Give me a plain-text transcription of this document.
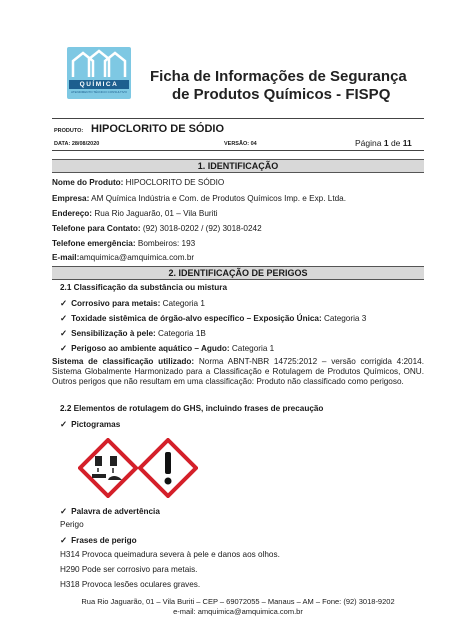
QUÍMICA
ATENDIMENTO TÉCNICO CONSULTIVO
Ficha de Informações de Segurança
de Produtos Químicos - FISPQ
PRODUTO: HIPOCLORITO DE SÓDIO
DATA: 28/08/2020	VERSÃO: 04	Página 1 de 11
1. IDENTIFICAÇÃO
Nome do Produto: HIPOCLORITO DE SÓDIO
Empresa: AM Química Indústria e Com. de Produtos Químicos Imp. e Exp. Ltda.
Endereço: Rua Rio Jaguarão, 01 – Vila Buriti
Telefone para Contato: (92) 3018-0202 / (92) 3018-0242
Telefone emergência: Bombeiros: 193
E-mail:amquimica@amquimica.com.br
2. IDENTIFICAÇÃO DE PERIGOS
2.1 Classificação da substância ou mistura
✓ Corrosivo para metais: Categoria 1
✓ Toxidade sistêmica de órgão-alvo específico – Exposição Única: Categoria 3
✓ Sensibilização à pele: Categoria 1B
✓ Perigoso ao ambiente aquático – Agudo: Categoria 1
Sistema de classificação utilizado: Norma ABNT-NBR 14725:2012 – versão corrigida 4:2014. Sistema Globalmente Harmonizado para a Classificação e Rotulagem de Produtos Químicos, ONU. Outros perigos que não resultam em uma classificação: Produto não classificado como perigoso.
2.2 Elementos de rotulagem do GHS, incluindo frases de precaução
✓ Pictogramas
✓ Palavra de advertência
Perigo
✓ Frases de perigo
H314 Provoca queimadura severa à pele e danos aos olhos.
H290 Pode ser corrosivo para metais.
H318 Provoca lesões oculares graves.
Rua Rio Jaguarão, 01 – Vila Buriti – CEP – 69072055 – Manaus – AM – Fone: (92) 3018-9202
e-mail: amquimica@amquimica.com.br
